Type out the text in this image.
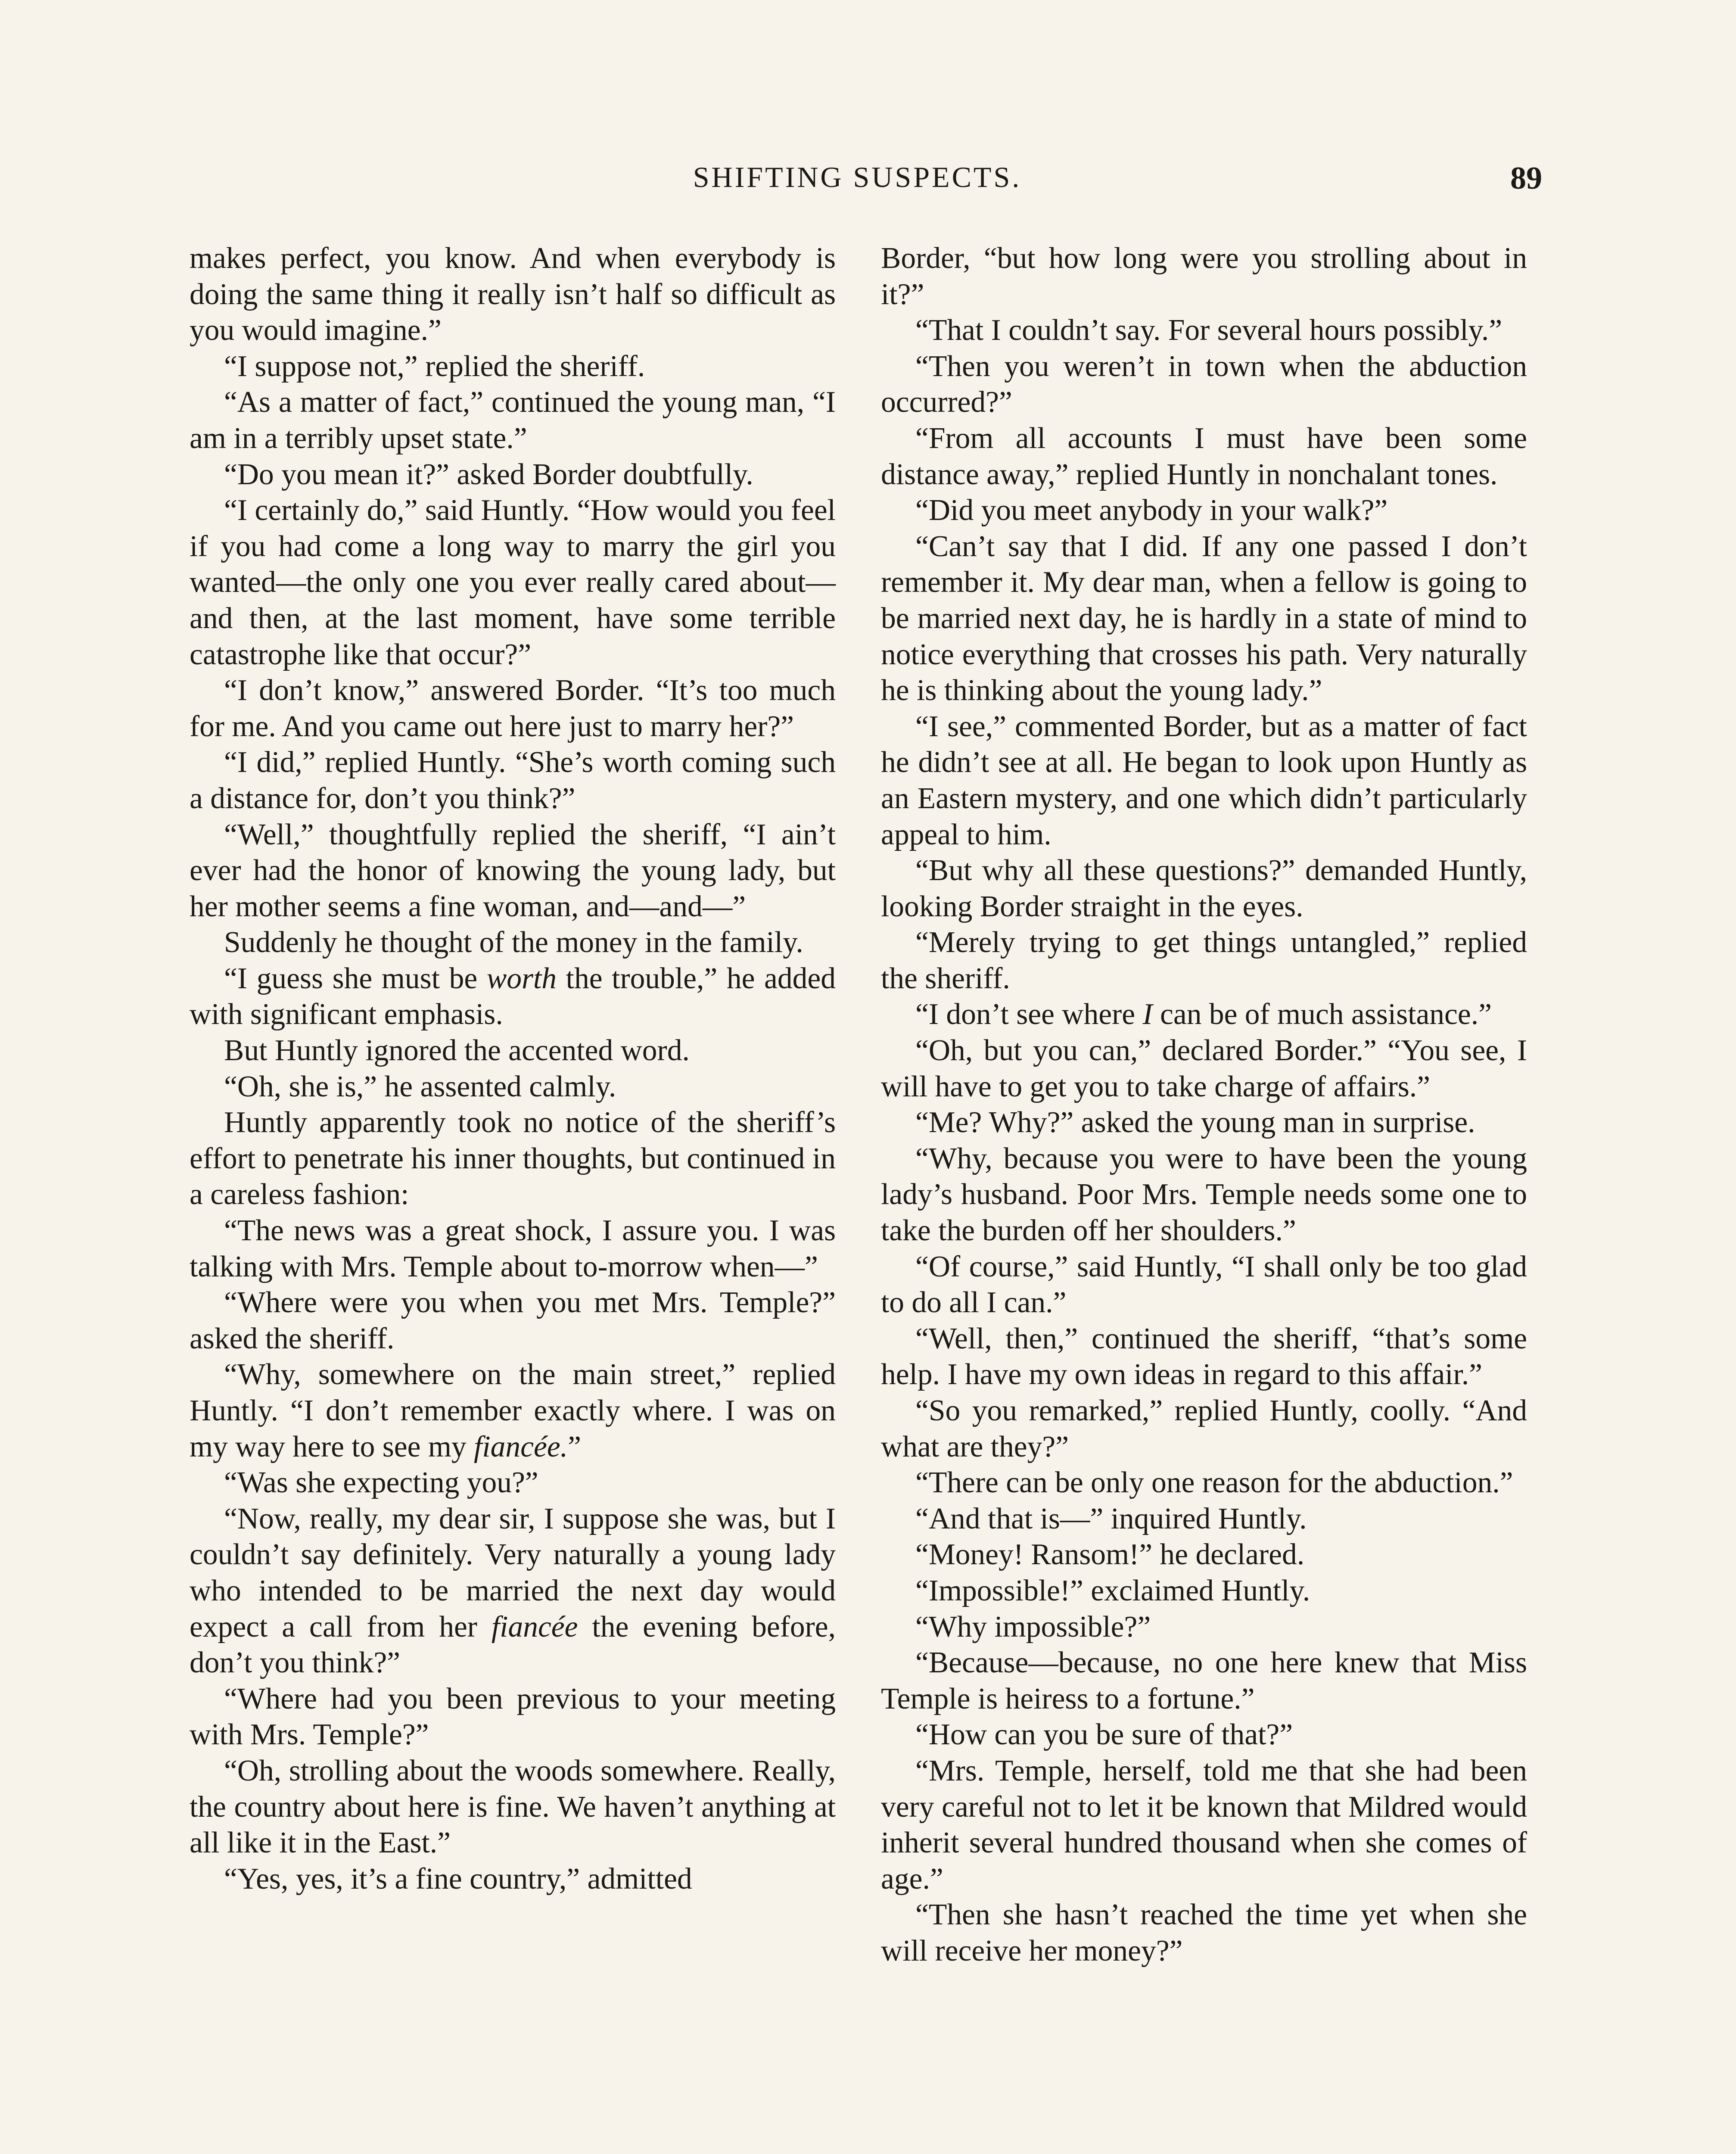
SHIFTING SUSPECTS.	89

makes perfect, you know. And when everybody is doing the same thing it really isn’t half so difficult as you would imagine.”

“I suppose not,” replied the sheriff.

“As a matter of fact,” continued the young man, “I am in a terribly upset state.”

“Do you mean it?” asked Border doubtfully.

“I certainly do,” said Huntly. “How would you feel if you had come a long way to marry the girl you wanted—the only one you ever really cared about—and then, at the last moment, have some terrible catastrophe like that occur?”

“I don’t know,” answered Border. “It’s too much for me. And you came out here just to marry her?”

“I did,” replied Huntly. “She’s worth coming such a distance for, don’t you think?”

“Well,” thoughtfully replied the sheriff, “I ain’t ever had the honor of knowing the young lady, but her mother seems a fine woman, and—and—”

Suddenly he thought of the money in the family.

“I guess she must be worth the trouble,” he added with significant emphasis.

But Huntly ignored the accented word.

“Oh, she is,” he assented calmly.

Huntly apparently took no notice of the sheriff’s effort to penetrate his inner thoughts, but continued in a careless fashion:

“The news was a great shock, I assure you. I was talking with Mrs. Temple about to-morrow when—”

“Where were you when you met Mrs. Temple?” asked the sheriff.

“Why, somewhere on the main street,” replied Huntly. “I don’t remember exactly where. I was on my way here to see my fiancée.”

“Was she expecting you?”

“Now, really, my dear sir, I suppose she was, but I couldn’t say definitely. Very naturally a young lady who intended to be married the next day would expect a call from her fiancée the evening before, don’t you think?”

“Where had you been previous to your meeting with Mrs. Temple?”

“Oh, strolling about the woods somewhere. Really, the country about here is fine. We haven’t anything at all like it in the East.”

“Yes, yes, it’s a fine country,” admitted

Border, “but how long were you strolling about in it?”

“That I couldn’t say. For several hours possibly.”

“Then you weren’t in town when the abduction occurred?”

“From all accounts I must have been some distance away,” replied Huntly in nonchalant tones.

“Did you meet anybody in your walk?”

“Can’t say that I did. If any one passed I don’t remember it. My dear man, when a fellow is going to be married next day, he is hardly in a state of mind to notice everything that crosses his path. Very naturally he is thinking about the young lady.”

“I see,” commented Border, but as a matter of fact he didn’t see at all. He began to look upon Huntly as an Eastern mystery, and one which didn’t particularly appeal to him.

“But why all these questions?” demanded Huntly, looking Border straight in the eyes.

“Merely trying to get things untangled,” replied the sheriff.

“I don’t see where I can be of much assistance.”

“Oh, but you can,” declared Border.” “You see, I will have to get you to take charge of affairs.”

“Me? Why?” asked the young man in surprise.

“Why, because you were to have been the young lady’s husband. Poor Mrs. Temple needs some one to take the burden off her shoulders.”

“Of course,” said Huntly, “I shall only be too glad to do all I can.”

“Well, then,” continued the sheriff, “that’s some help. I have my own ideas in regard to this affair.”

“So you remarked,” replied Huntly, coolly. “And what are they?”

“There can be only one reason for the abduction.”

“And that is—” inquired Huntly.

“Money! Ransom!” he declared.

“Impossible!” exclaimed Huntly.

“Why impossible?”

“Because—because, no one here knew that Miss Temple is heiress to a fortune.”

“How can you be sure of that?”

“Mrs. Temple, herself, told me that she had been very careful not to let it be known that Mildred would inherit several hundred thousand when she comes of age.”

“Then she hasn’t reached the time yet when she will receive her money?”
